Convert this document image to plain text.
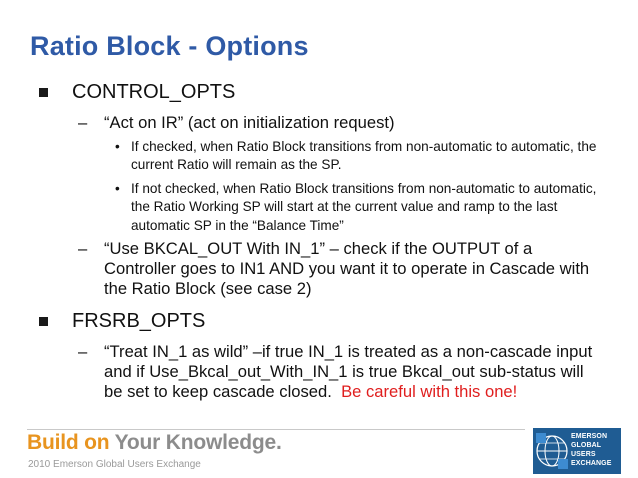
Ratio Block - Options
CONTROL_OPTS
– “Act on IR” (act on initialization request)
• If checked, when Ratio Block transitions from non-automatic to automatic, the current Ratio will remain as the SP.
• If not checked, when Ratio Block transitions from non-automatic to automatic, the Ratio Working SP will start at the current value and ramp to the last automatic SP in the “Balance Time”
– “Use BKCAL_OUT With IN_1” – check if the OUTPUT of a Controller goes to IN1 AND you want it to operate in Cascade with the Ratio Block (see case 2)
FRSRB_OPTS
– “Treat IN_1 as wild” –if true IN_1 is treated as a non-cascade input and if Use_Bkcal_out_With_IN_1 is true Bkcal_out sub-status will be set to keep cascade closed. Be careful with this one!
Build on Your Knowledge.
2010 Emerson Global Users Exchange
EMERSON
GLOBAL
USERS
EXCHANGE
